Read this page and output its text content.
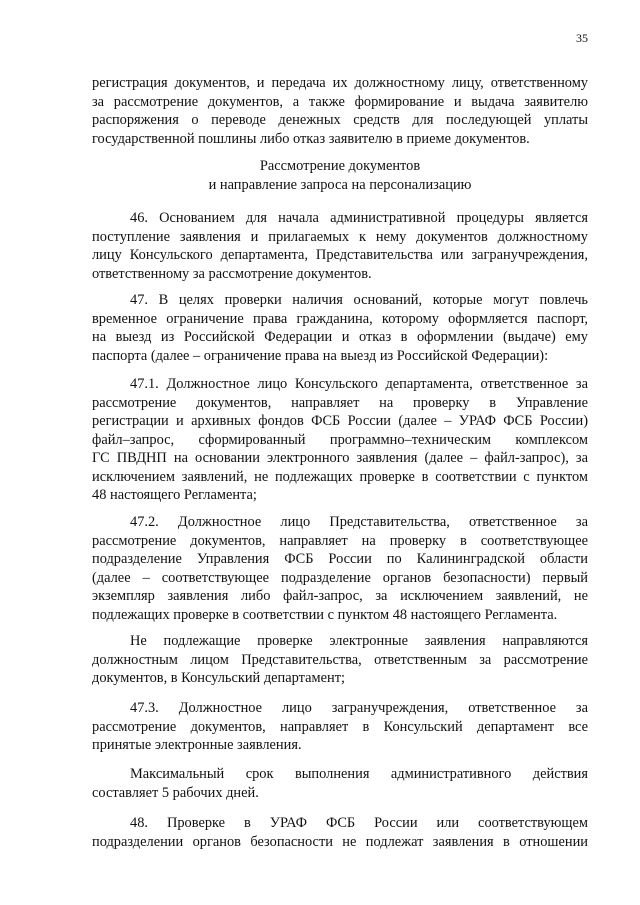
35
регистрация документов, и передача их должностному лицу, ответственному
за рассмотрение документов, а также формирование и выдача заявителю
распоряжения о переводе денежных средств для последующей уплаты
государственной пошлины либо отказ заявителю в приеме документов.
Рассмотрение документов
и направление запроса на персонализацию
46. Основанием для начала административной процедуры является
поступление заявления и прилагаемых к нему документов должностному
лицу Консульского департамента, Представительства или загранучреждения,
ответственному за рассмотрение документов.
47. В целях проверки наличия оснований, которые могут повлечь
временное ограничение права гражданина, которому оформляется паспорт,
на выезд из Российской Федерации и отказ в оформлении (выдаче) ему
паспорта (далее – ограничение права на выезд из Российской Федерации):
47.1. Должностное лицо Консульского департамента, ответственное за
рассмотрение документов, направляет на проверку в Управление
регистрации и архивных фондов ФСБ России (далее – УРАФ ФСБ России)
файл–запрос, сформированный программно–техническим комплексом
ГС ПВДНП на основании электронного заявления (далее – файл-запрос), за
исключением заявлений, не подлежащих проверке в соответствии с пунктом
48 настоящего Регламента;
47.2. Должностное лицо Представительства, ответственное за
рассмотрение документов, направляет на проверку в соответствующее
подразделение Управления ФСБ России по Калининградской области
(далее – соответствующее подразделение органов безопасности) первый
экземпляр заявления либо файл-запрос, за исключением заявлений, не
подлежащих проверке в соответствии с пунктом 48 настоящего Регламента.
Не подлежащие проверке электронные заявления направляются
должностным лицом Представительства, ответственным за рассмотрение
документов, в Консульский департамент;
47.3. Должностное лицо загранучреждения, ответственное за
рассмотрение документов, направляет в Консульский департамент все
принятые электронные заявления.
Максимальный срок выполнения административного действия
составляет 5 рабочих дней.
48. Проверке в УРАФ ФСБ России или соответствующем
подразделении органов безопасности не подлежат заявления в отношении
